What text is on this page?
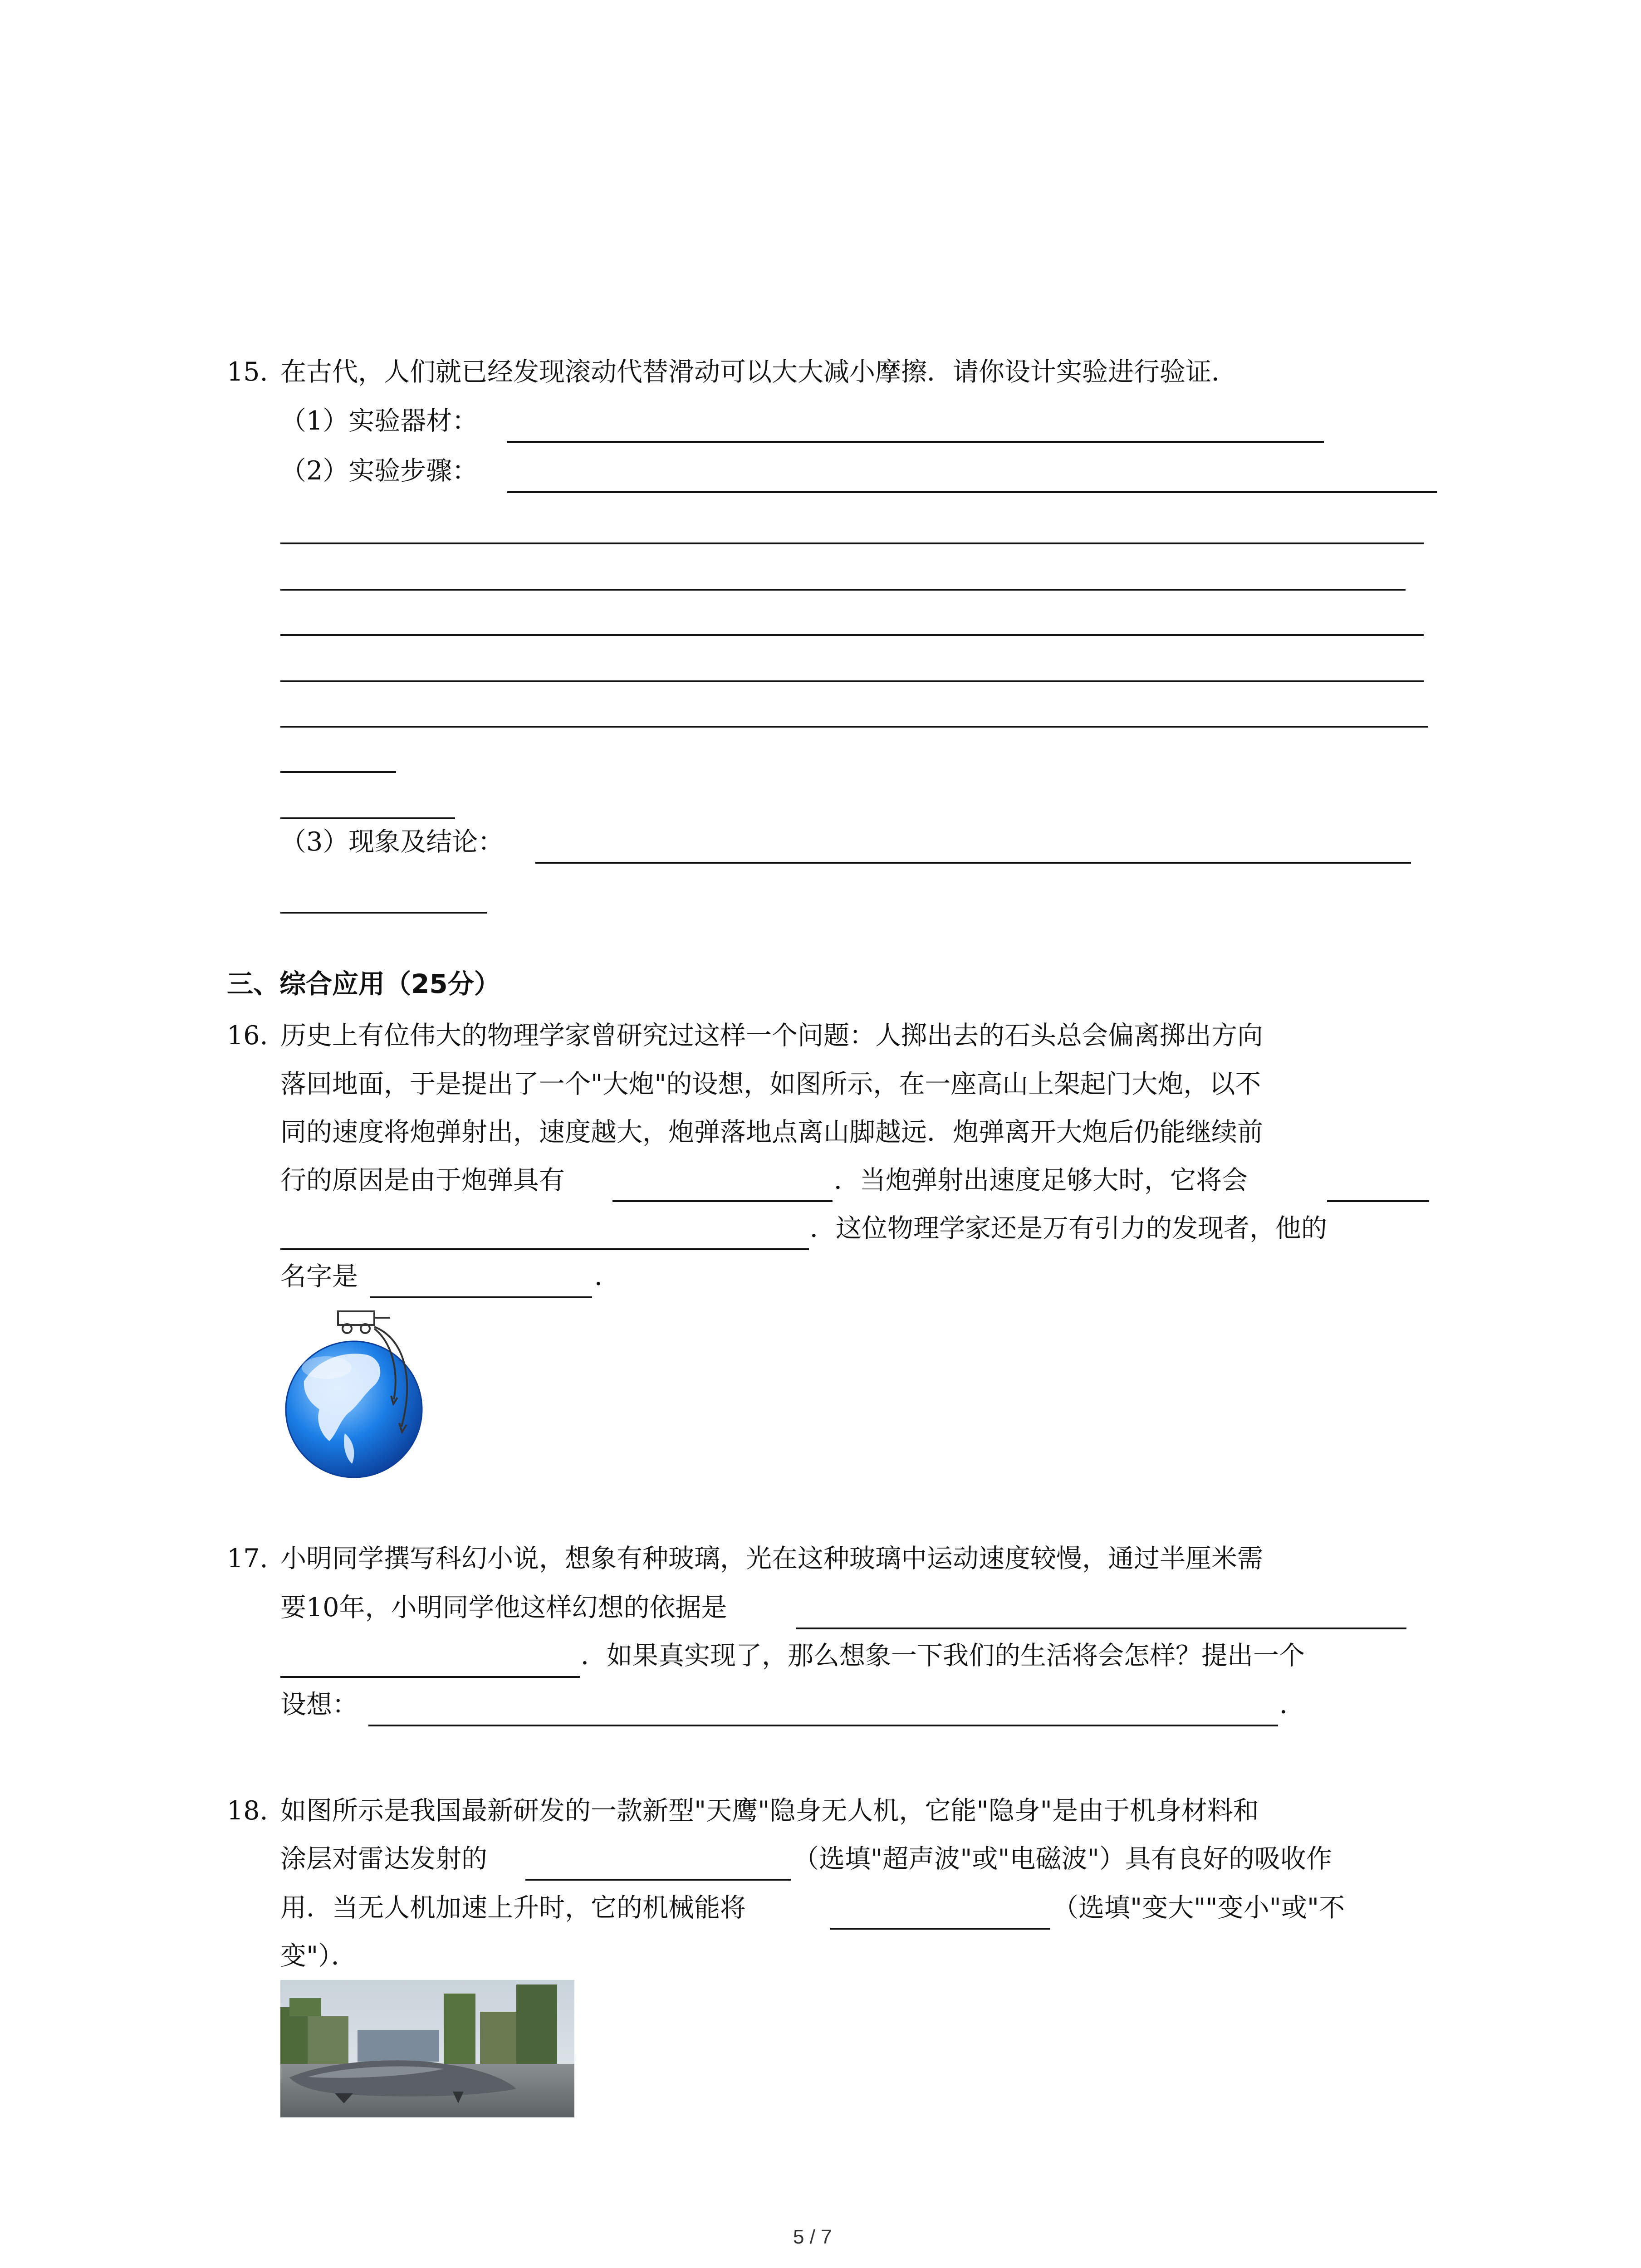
15. 在古代，人们就已经发现滚动代替滑动可以大大减小摩擦．请你设计实验进行验证．
（1）实验器材：
（2）实验步骤：
（3）现象及结论：
三、综合应用（25分）
16. 历史上有位伟大的物理学家曾研究过这样一个问题：人掷出去的石头总会偏离掷出方向
落回地面，于是提出了一个"大炮"的设想，如图所示，在一座高山上架起门大炮，以不
同的速度将炮弹射出，速度越大，炮弹落地点离山脚越远．炮弹离开大炮后仍能继续前
行的原因是由于炮弹具有	．当炮弹射出速度足够大时，它将会
．这位物理学家还是万有引力的发现者，他的
名字是	．
17. 小明同学撰写科幻小说，想象有种玻璃，光在这种玻璃中运动速度较慢，通过半厘米需
要10年，小明同学他这样幻想的依据是
．如果真实现了，那么想象一下我们的生活将会怎样？提出一个
设想：	．
18. 如图所示是我国最新研发的一款新型"天鹰"隐身无人机，它能"隐身"是由于机身材料和
涂层对雷达发射的	（选填"超声波"或"电磁波"）具有良好的吸收作
用．当无人机加速上升时，它的机械能将	（选填"变大""变小"或"不
变"）．
5 / 7
